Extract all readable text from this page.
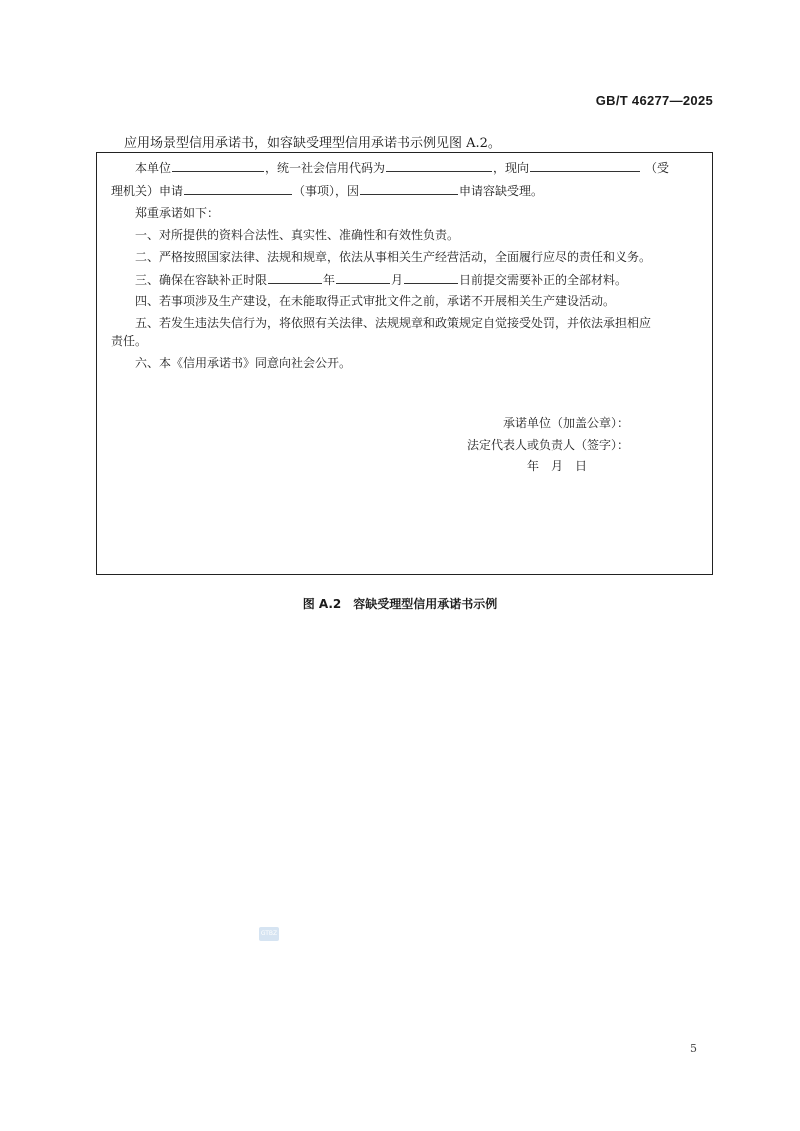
GB/T 46277—2025
应用场景型信用承诺书，如容缺受理型信用承诺书示例见图 A.2。
本单位	，统一社会信用代码为	，现向	（受
理机关）申请	（事项），因	申请容缺受理。
郑重承诺如下：
一、对所提供的资料合法性、真实性、准确性和有效性负责。
二、严格按照国家法律、法规和规章，依法从事相关生产经营活动，全面履行应尽的责任和义务。
三、确保在容缺补正时限	年	月	日前提交需要补正的全部材料。
四、若事项涉及生产建设，在未能取得正式审批文件之前，承诺不开展相关生产建设活动。
五、若发生违法失信行为，将依照有关法律、法规规章和政策规定自觉接受处罚，并依法承担相应
责任。
六、本《信用承诺书》同意向社会公开。
承诺单位（加盖公章）：
法定代表人或负责人（签字）：
年　月　日
图 A.2　容缺受理型信用承诺书示例
GTBZ
5
